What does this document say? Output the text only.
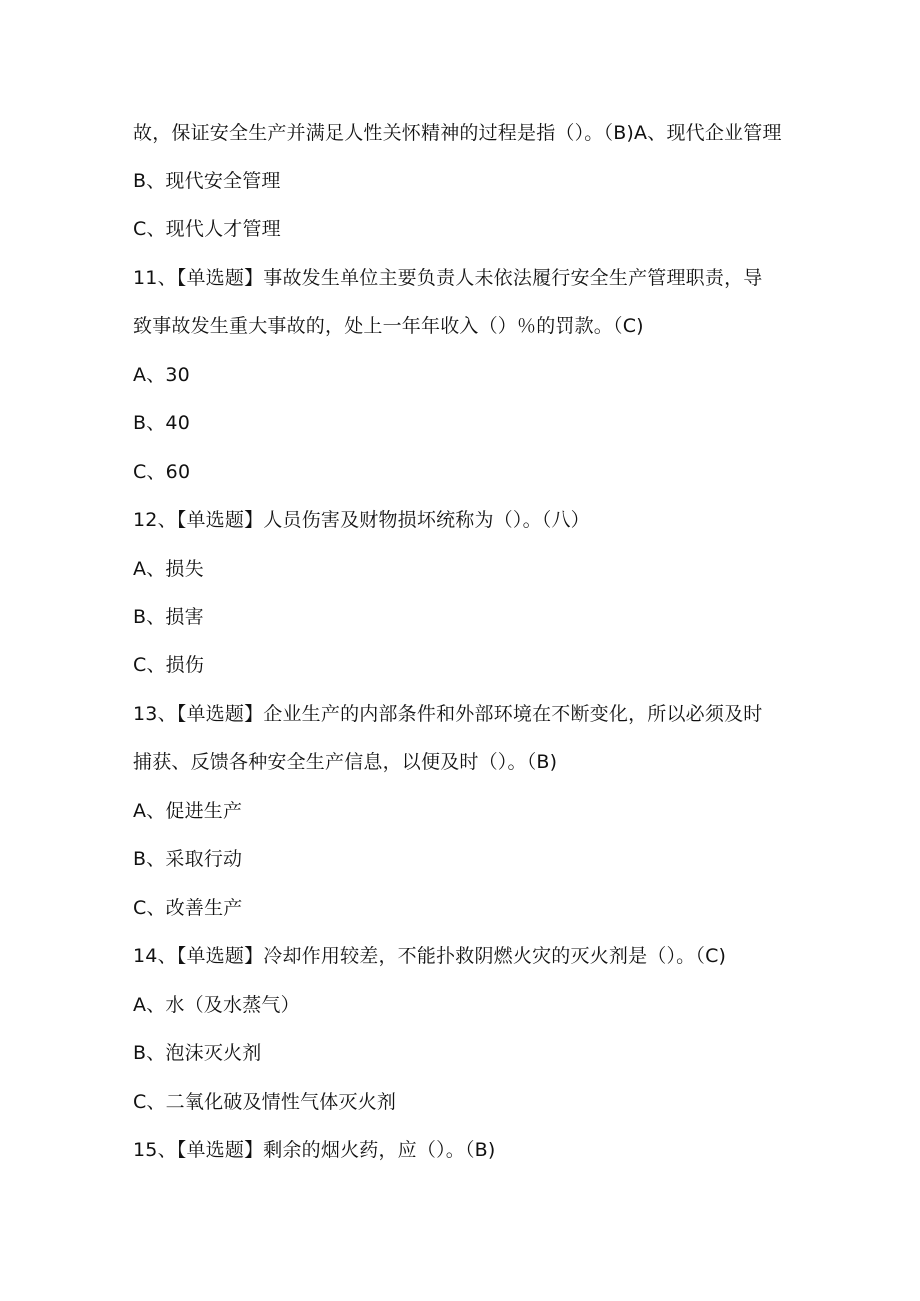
故，保证安全生产并满足人性关怀精神的过程是指（）。（B)A、现代企业管理
B、现代安全管理
C、现代人才管理
11、【单选题】事故发生单位主要负责人未依法履行安全生产管理职责，导
致事故发生重大事故的，处上一年年收入（）％的罚款。（C)
A、30
B、40
C、60
12、【单选题】人员伤害及财物损坏统称为（）。（八）
A、损失
B、损害
C、损伤
13、【单选题】企业生产的内部条件和外部环境在不断变化，所以必须及时
捕获、反馈各种安全生产信息，以便及时（）。（B)
A、促进生产
B、采取行动
C、改善生产
14、【单选题】冷却作用较差，不能扑救阴燃火灾的灭火剂是（）。（C)
A、水（及水蒸气）
B、泡沫灭火剂
C、二氧化破及情性气体灭火剂
15、【单选题】剩余的烟火药，应（）。（B)
